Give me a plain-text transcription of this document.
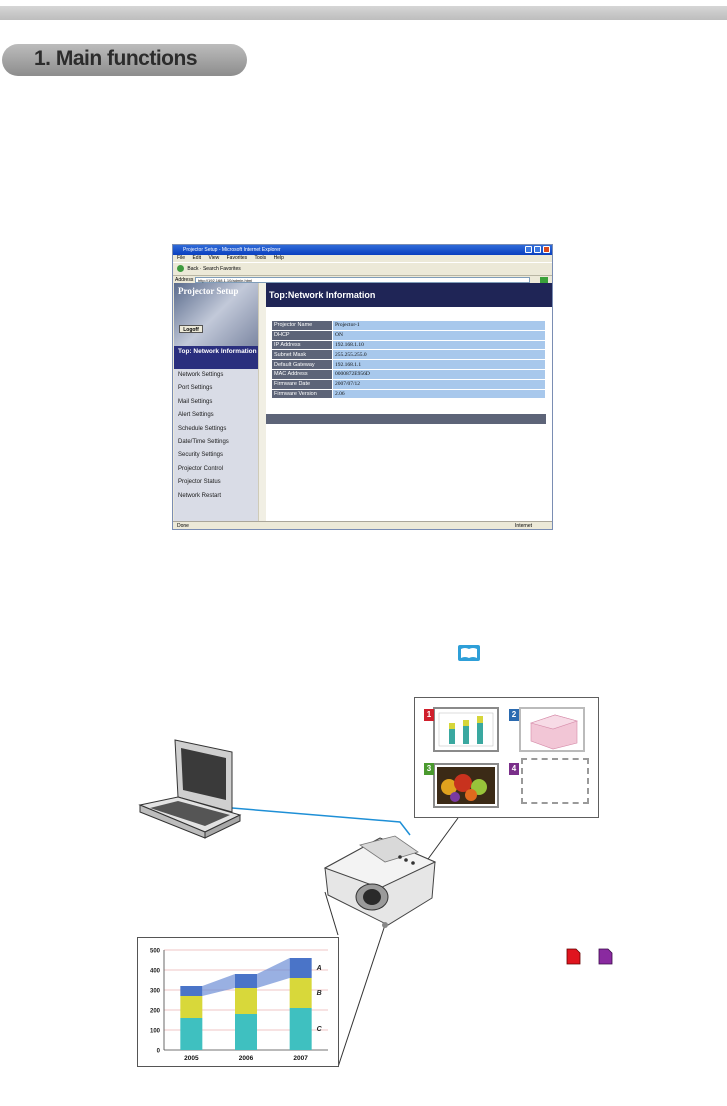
1. Main functions
Projector Setup - Microsoft Internet Explorer
File Edit View Favorites Tools Help
Back · Search Favorites
Address	http://192.168.1.10/admin.html
Projector Setup
Logoff
Top: Network Information
Network Settings
Port Settings
Mail Settings
Alert Settings
Schedule Settings
Date/Time Settings
Security Settings
Projector Control
Projector Status
Network Restart
Top:Network Information
Projector Name	Projector-1
DHCP	ON
IP Address	192.168.1.10
Subnet Mask	255.255.255.0
Default Gateway	192.168.1.1
MAC Address	0000872E956D
Firmware Date	2007/07/12
Firmware Version	2.06
Done	Internet
1	2
3	4
0
100
200
300
400
500
2005	2006	2007
C
B
A
